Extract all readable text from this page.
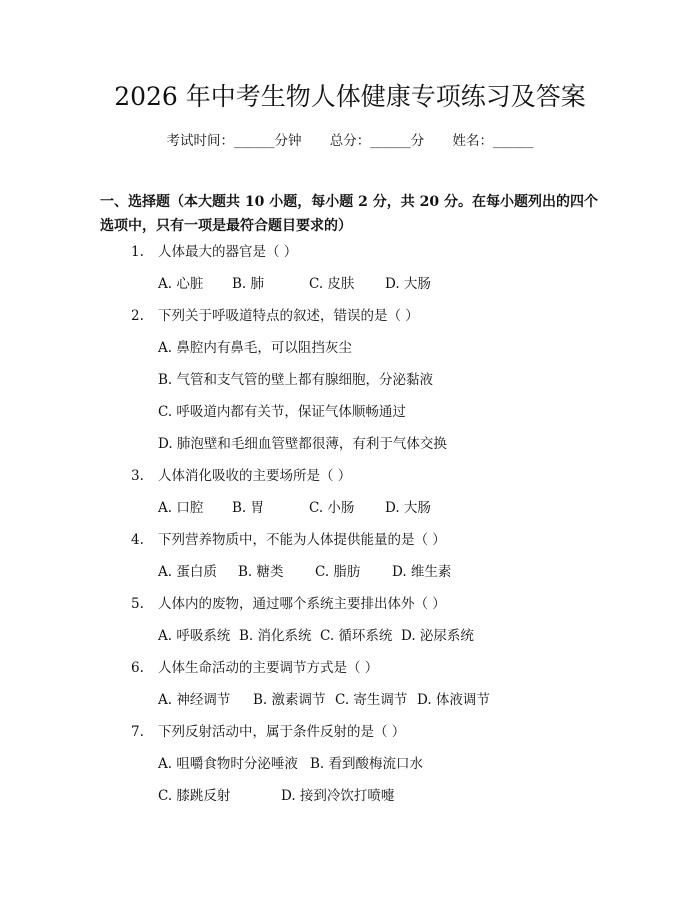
2026 年中考生物人体健康专项练习及答案
考试时间：______分钟 总分：______分 姓名：______
一、选择题（本大题共 10 小题，每小题 2 分，共 20 分。在每小题列出的四个选项中，只有一项是最符合题目要求的）
1. 人体最大的器官是（ ）
A. 心脏 B. 肺	C. 皮肤 D. 大肠
2. 下列关于呼吸道特点的叙述，错误的是（ ）
A. 鼻腔内有鼻毛，可以阻挡灰尘
B. 气管和支气管的壁上都有腺细胞，分泌黏液
C. 呼吸道内都有关节，保证气体顺畅通过
D. 肺泡壁和毛细血管壁都很薄，有利于气体交换
3. 人体消化吸收的主要场所是（ ）
A. 口腔 B. 胃	C. 小肠 D. 大肠
4. 下列营养物质中，不能为人体提供能量的是（ ）
A. 蛋白质 B. 糖类 C. 脂肪 D. 维生素
5. 人体内的废物，通过哪个系统主要排出体外（ ）
A. 呼吸系统 B. 消化系统 C. 循环系统 D. 泌尿系统
6. 人体生命活动的主要调节方式是（ ）
A. 神经调节 B. 激素调节 C. 寄生调节 D. 体液调节
7. 下列反射活动中，属于条件反射的是（ ）
A. 咀嚼食物时分泌唾液 B. 看到酸梅流口水
C. 膝跳反射	D. 接到冷饮打喷嚏
